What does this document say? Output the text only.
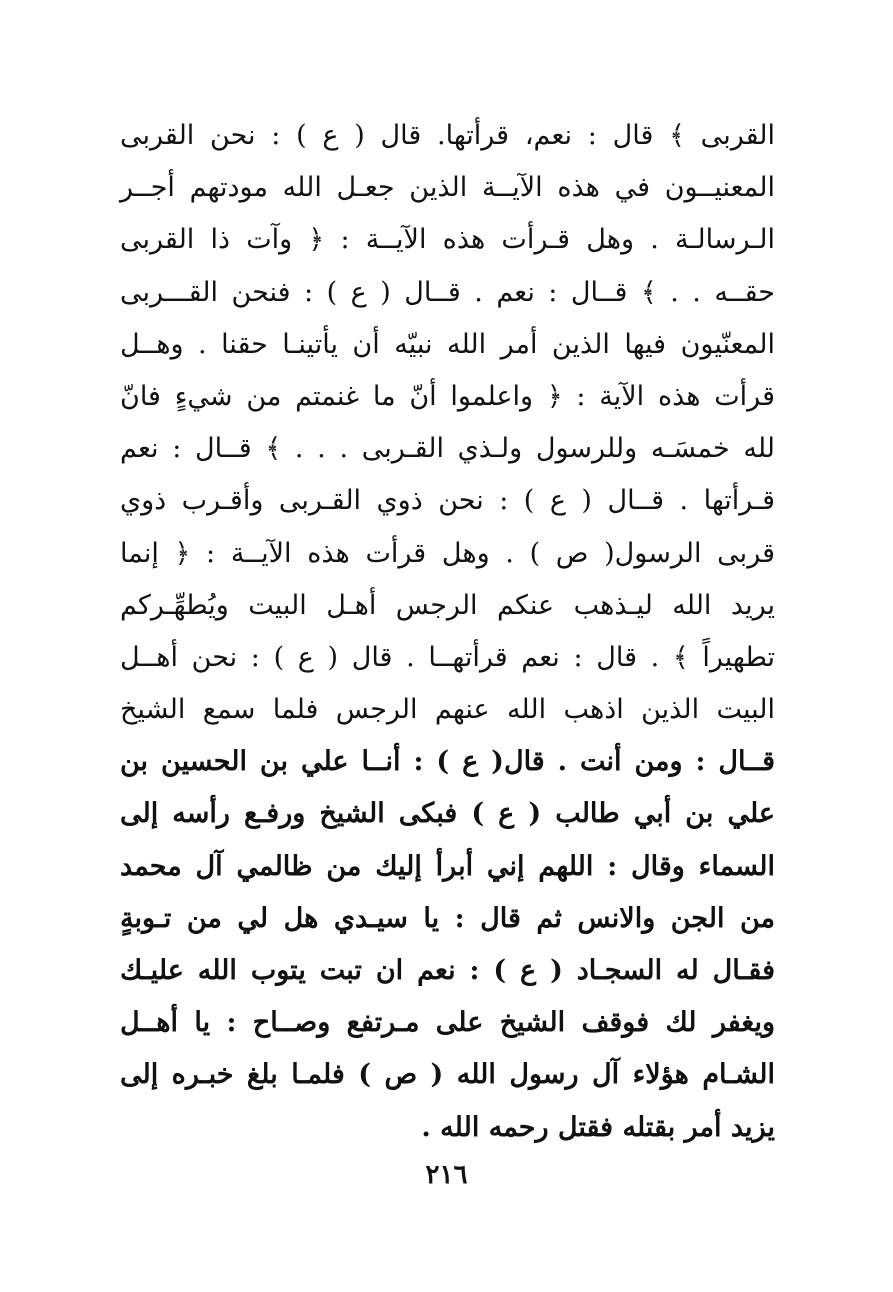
القربى ﴾ قال : نعم، قرأتها. قال ( ع ) : نحن القربى
المعنيــون في هذه الآيــة الذين جعـل الله مودتهم أجــر
الـرسالـة . وهل قـرأت هذه الآيــة : ﴿ وآت ذا القربى
حقــه . . ﴾ قــال : نعم . قــال ( ع ) : فنحن القـــربى
المعنّيون فيها الذين أمر الله نبيّه أن يأتينـا حقنا . وهــل
قرأت هذه الآية : ﴿ واعلموا أنّ ما غنمتم من شيءٍ فانّ
لله خمسَـه وللرسول ولـذي القـربى . . . ﴾ قــال : نعم
قـرأتها . قــال ( ع ) : نحن ذوي القـربى وأقـرب ذوي
قربى الرسول( ص ) . وهل قرأت هذه الآيــة : ﴿ إنما
يريد الله ليـذهب عنكم الرجس أهـل البيت ويُطهِّـركم
تطهيراً ﴾ . قال : نعم قرأتهــا . قال ( ع ) : نحن أهــل
البيت الذين اذهب الله عنهم الرجس فلما سمع الشيخ
قــال : ومن أنت . قال( ع ) : أنــا علي بن الحسين بن
علي بن أبي طالب ( ع ) فبكى الشيخ ورفـع رأسه إلى
السماء وقال : اللهم إني أبرأ إليك من ظالمي آل محمد
من الجن والانس ثم قال : يا سيـدي هل لي من تـوبةٍ
فقـال له السجـاد ( ع ) : نعم ان تبت يتوب الله عليـك
ويغفر لك فوقف الشيخ على مـرتفع وصــاح : يا أهــل
الشـام هؤلاء آل رسول الله ( ص ) فلمـا بلغ خبـره إلى
يزيد أمر بقتله فقتل رحمه الله .
٢١٦
